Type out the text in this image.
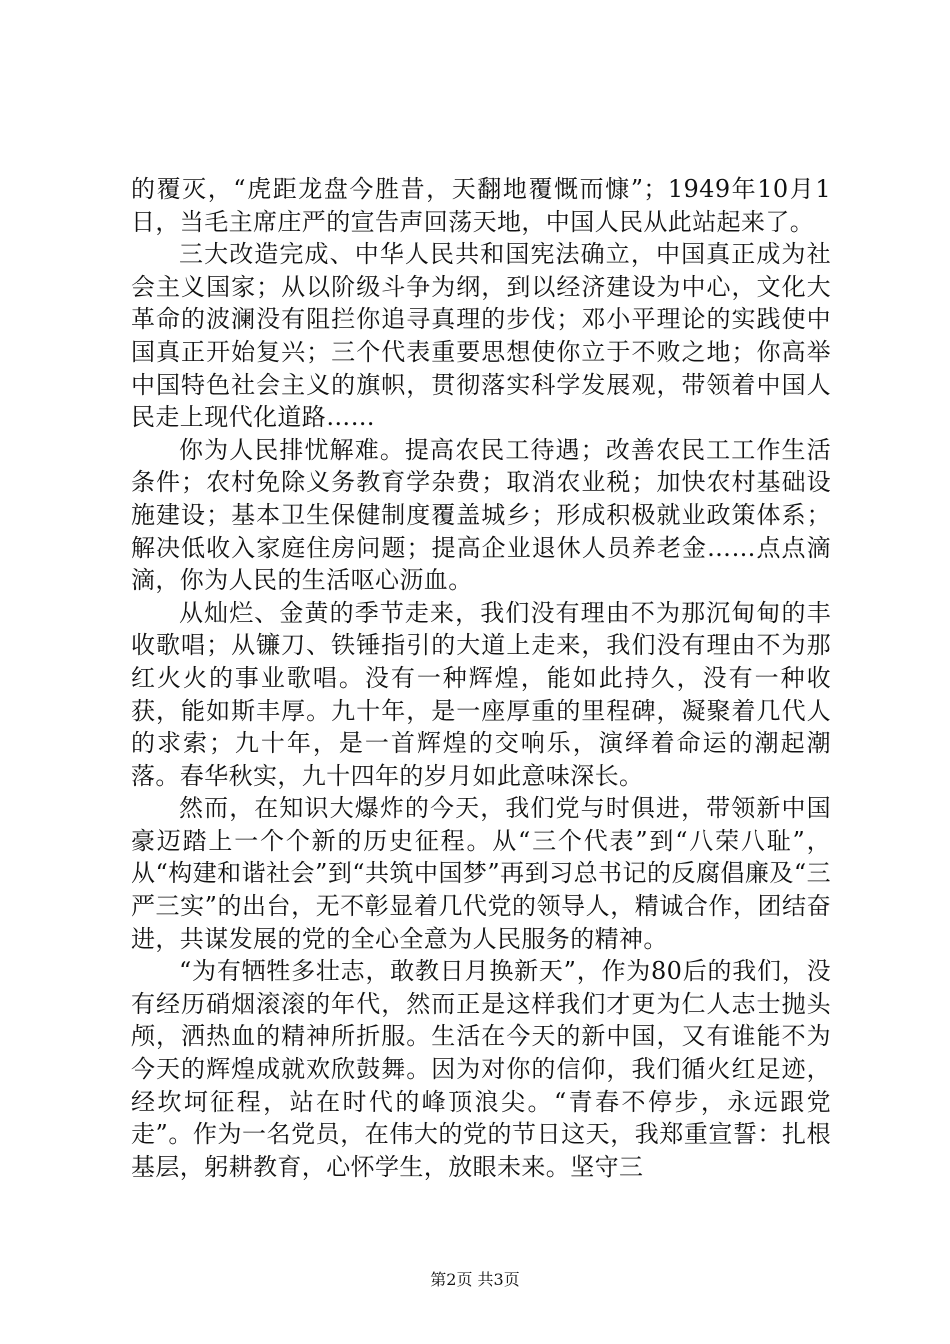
的覆灭，“虎距龙盘今胜昔，天翻地覆慨而慷”；1949年10月1日，当毛主席庄严的宣告声回荡天地，中国人民从此站起来了。

三大改造完成、中华人民共和国宪法确立，中国真正成为社会主义国家；从以阶级斗争为纲，到以经济建设为中心，文化大革命的波澜没有阻拦你追寻真理的步伐；邓小平理论的实践使中国真正开始复兴；三个代表重要思想使你立于不败之地；你高举中国特色社会主义的旗帜，贯彻落实科学发展观，带领着中国人民走上现代化道路……

你为人民排忧解难。提高农民工待遇；改善农民工工作生活条件；农村免除义务教育学杂费；取消农业税；加快农村基础设施建设；基本卫生保健制度覆盖城乡；形成积极就业政策体系；解决低收入家庭住房问题；提高企业退休人员养老金……点点滴滴，你为人民的生活呕心沥血。

从灿烂、金黄的季节走来，我们没有理由不为那沉甸甸的丰收歌唱；从镰刀、铁锤指引的大道上走来，我们没有理由不为那红火火的事业歌唱。没有一种辉煌，能如此持久，没有一种收获，能如斯丰厚。九十年，是一座厚重的里程碑，凝聚着几代人的求索；九十年，是一首辉煌的交响乐，演绎着命运的潮起潮落。春华秋实，九十四年的岁月如此意味深长。

然而，在知识大爆炸的今天，我们党与时俱进，带领新中国豪迈踏上一个个新的历史征程。从“三个代表”到“八荣八耻”，从“构建和谐社会”到“共筑中国梦”再到习总书记的反腐倡廉及“三严三实”的出台，无不彰显着几代党的领导人，精诚合作，团结奋进，共谋发展的党的全心全意为人民服务的精神。

“为有牺牲多壮志，敢教日月换新天”，作为80后的我们，没有经历硝烟滚滚的年代，然而正是这样我们才更为仁人志士抛头颅，洒热血的精神所折服。生活在今天的新中国，又有谁能不为今天的辉煌成就欢欣鼓舞。因为对你的信仰，我们循火红足迹，经坎坷征程，站在时代的峰顶浪尖。“青春不停步，永远跟党走”。作为一名党员，在伟大的党的节日这天，我郑重宣誓：扎根基层，躬耕教育，心怀学生，放眼未来。坚守三

第2页 共3页
